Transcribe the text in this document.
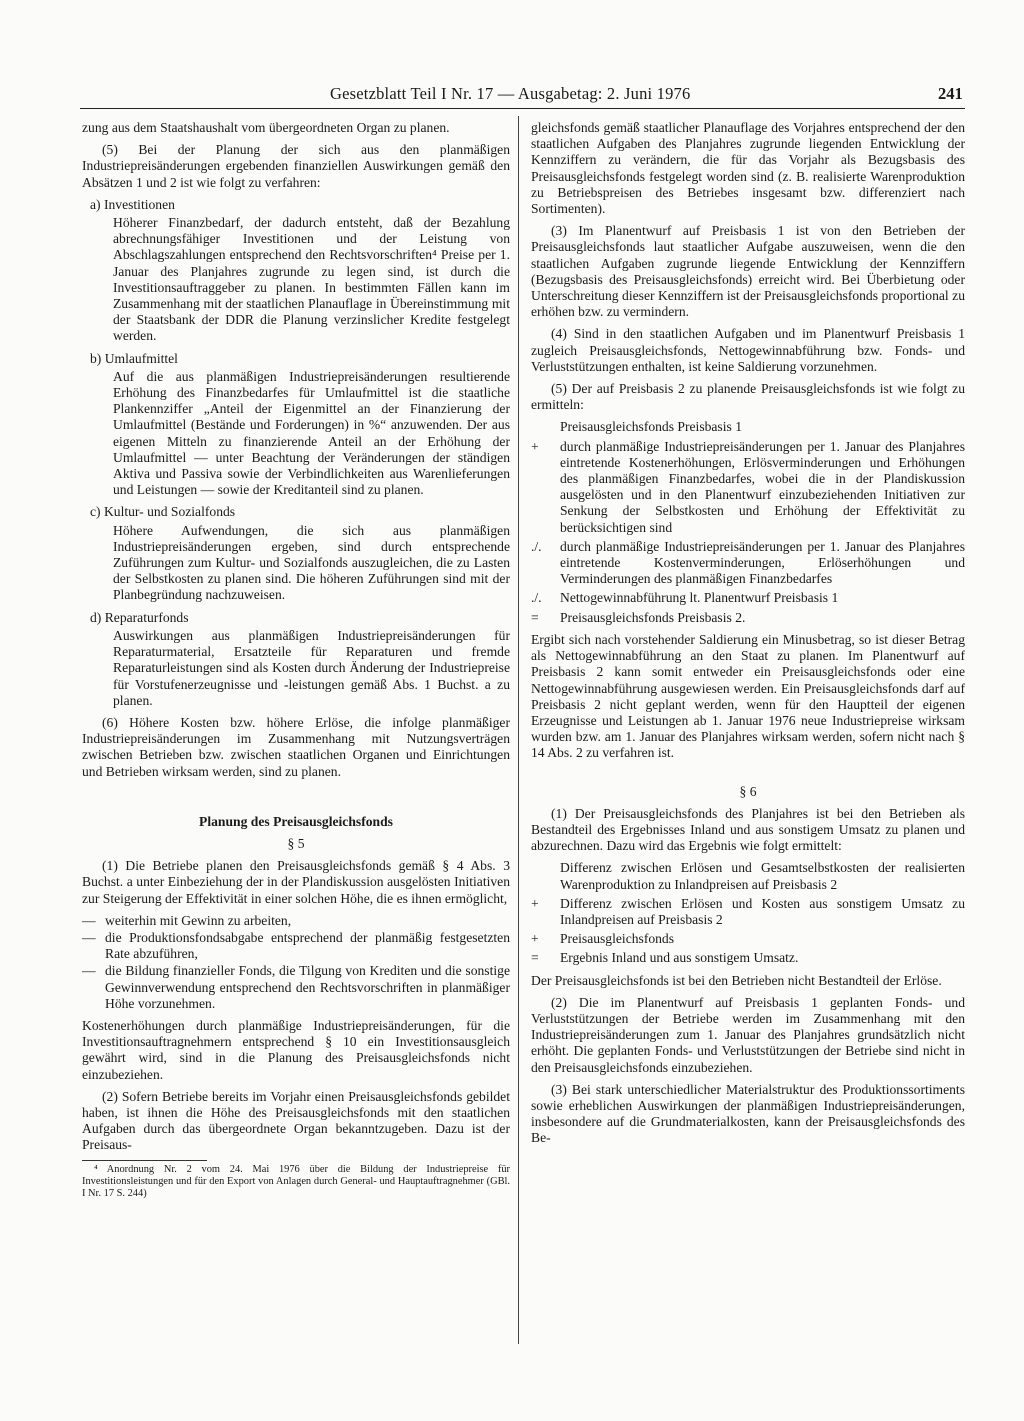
Gesetzblatt Teil I Nr. 17 — Ausgabetag: 2. Juni 1976	241

zung aus dem Staatshaushalt vom übergeordneten Organ zu planen.

(5) Bei der Planung der sich aus den planmäßigen Industriepreisänderungen ergebenden finanziellen Auswirkungen gemäß den Absätzen 1 und 2 ist wie folgt zu verfahren:

a) Investitionen

Höherer Finanzbedarf, der dadurch entsteht, daß der Bezahlung abrechnungsfähiger Investitionen und der Leistung von Abschlagszahlungen entsprechend den Rechtsvorschriften⁴ Preise per 1. Januar des Planjahres zugrunde zu legen sind, ist durch die Investitionsauftraggeber zu planen. In bestimmten Fällen kann im Zusammenhang mit der staatlichen Planauflage in Übereinstimmung mit der Staatsbank der DDR die Planung verzinslicher Kredite festgelegt werden.

b) Umlaufmittel

Auf die aus planmäßigen Industriepreisänderungen resultierende Erhöhung des Finanzbedarfes für Umlaufmittel ist die staatliche Plankennziffer „Anteil der Eigenmittel an der Finanzierung der Umlaufmittel (Bestände und Forderungen) in %“ anzuwenden. Der aus eigenen Mitteln zu finanzierende Anteil an der Erhöhung der Umlaufmittel — unter Beachtung der Veränderungen der ständigen Aktiva und Passiva sowie der Verbindlichkeiten aus Warenlieferungen und Leistungen — sowie der Kreditanteil sind zu planen.

c) Kultur- und Sozialfonds

Höhere Aufwendungen, die sich aus planmäßigen Industriepreisänderungen ergeben, sind durch entsprechende Zuführungen zum Kultur- und Sozialfonds auszugleichen, die zu Lasten der Selbstkosten zu planen sind. Die höheren Zuführungen sind mit der Planbegründung nachzuweisen.

d) Reparaturfonds

Auswirkungen aus planmäßigen Industriepreisänderungen für Reparaturmaterial, Ersatzteile für Reparaturen und fremde Reparaturleistungen sind als Kosten durch Änderung der Industriepreise für Vorstufenerzeugnisse und -leistungen gemäß Abs. 1 Buchst. a zu planen.

(6) Höhere Kosten bzw. höhere Erlöse, die infolge planmäßiger Industriepreisänderungen im Zusammenhang mit Nutzungsverträgen zwischen Betrieben bzw. zwischen staatlichen Organen und Einrichtungen und Betrieben wirksam werden, sind zu planen.

Planung des Preisausgleichsfonds
§ 5

(1) Die Betriebe planen den Preisausgleichsfonds gemäß § 4 Abs. 3 Buchst. a unter Einbeziehung der in der Plandiskussion ausgelösten Initiativen zur Steigerung der Effektivität in einer solchen Höhe, die es ihnen ermöglicht,

— weiterhin mit Gewinn zu arbeiten,
— die Produktionsfondsabgabe entsprechend der planmäßig festgesetzten Rate abzuführen,
— die Bildung finanzieller Fonds, die Tilgung von Krediten und die sonstige Gewinnverwendung entsprechend den Rechtsvorschriften in planmäßiger Höhe vorzunehmen.

Kostenerhöhungen durch planmäßige Industriepreisänderungen, für die Investitionsauftragnehmern entsprechend § 10 ein Investitionsausgleich gewährt wird, sind in die Planung des Preisausgleichsfonds nicht einzubeziehen.

(2) Sofern Betriebe bereits im Vorjahr einen Preisausgleichsfonds gebildet haben, ist ihnen die Höhe des Preisausgleichsfonds mit den staatlichen Aufgaben durch das übergeordnete Organ bekanntzugeben. Dazu ist der Preisaus-

⁴ Anordnung Nr. 2 vom 24. Mai 1976 über die Bildung der Industriepreise für Investitionsleistungen und für den Export von Anlagen durch General- und Hauptauftragnehmer (GBl. I Nr. 17 S. 244)

gleichsfonds gemäß staatlicher Planauflage des Vorjahres entsprechend der den staatlichen Aufgaben des Planjahres zugrunde liegenden Entwicklung der Kennziffern zu verändern, die für das Vorjahr als Bezugsbasis des Preisausgleichsfonds festgelegt worden sind (z. B. realisierte Warenproduktion zu Betriebspreisen des Betriebes insgesamt bzw. differenziert nach Sortimenten).

(3) Im Planentwurf auf Preisbasis 1 ist von den Betrieben der Preisausgleichsfonds laut staatlicher Aufgabe auszuweisen, wenn die den staatlichen Aufgaben zugrunde liegende Entwicklung der Kennziffern (Bezugsbasis des Preisausgleichsfonds) erreicht wird. Bei Überbietung oder Unterschreitung dieser Kennziffern ist der Preisausgleichsfonds proportional zu erhöhen bzw. zu vermindern.

(4) Sind in den staatlichen Aufgaben und im Planentwurf Preisbasis 1 zugleich Preisausgleichsfonds, Nettogewinnabführung bzw. Fonds- und Verluststützungen enthalten, ist keine Saldierung vorzunehmen.

(5) Der auf Preisbasis 2 zu planende Preisausgleichsfonds ist wie folgt zu ermitteln:

Preisausgleichsfonds Preisbasis 1
+ durch planmäßige Industriepreisänderungen per 1. Januar des Planjahres eintretende Kostenerhöhungen, Erlösverminderungen und Erhöhungen des planmäßigen Finanzbedarfes, wobei die in der Plandiskussion ausgelösten und in den Planentwurf einzubeziehenden Initiativen zur Senkung der Selbstkosten und Erhöhung der Effektivität zu berücksichtigen sind
./. durch planmäßige Industriepreisänderungen per 1. Januar des Planjahres eintretende Kostenverminderungen, Erlöserhöhungen und Verminderungen des planmäßigen Finanzbedarfes
./. Nettogewinnabführung lt. Planentwurf Preisbasis 1
= Preisausgleichsfonds Preisbasis 2.

Ergibt sich nach vorstehender Saldierung ein Minusbetrag, so ist dieser Betrag als Nettogewinnabführung an den Staat zu planen. Im Planentwurf auf Preisbasis 2 kann somit entweder ein Preisausgleichsfonds oder eine Nettogewinnabführung ausgewiesen werden. Ein Preisausgleichsfonds darf auf Preisbasis 2 nicht geplant werden, wenn für den Hauptteil der eigenen Erzeugnisse und Leistungen ab 1. Januar 1976 neue Industriepreise wirksam wurden bzw. am 1. Januar des Planjahres wirksam werden, sofern nicht nach § 14 Abs. 2 zu verfahren ist.

§ 6

(1) Der Preisausgleichsfonds des Planjahres ist bei den Betrieben als Bestandteil des Ergebnisses Inland und aus sonstigem Umsatz zu planen und abzurechnen. Dazu wird das Ergebnis wie folgt ermittelt:

Differenz zwischen Erlösen und Gesamtselbstkosten der realisierten Warenproduktion zu Inlandpreisen auf Preisbasis 2
+ Differenz zwischen Erlösen und Kosten aus sonstigem Umsatz zu Inlandpreisen auf Preisbasis 2
+ Preisausgleichsfonds
= Ergebnis Inland und aus sonstigem Umsatz.

Der Preisausgleichsfonds ist bei den Betrieben nicht Bestandteil der Erlöse.

(2) Die im Planentwurf auf Preisbasis 1 geplanten Fonds- und Verluststützungen der Betriebe werden im Zusammenhang mit den Industriepreisänderungen zum 1. Januar des Planjahres grundsätzlich nicht erhöht. Die geplanten Fonds- und Verluststützungen der Betriebe sind nicht in den Preisausgleichsfonds einzubeziehen.

(3) Bei stark unterschiedlicher Materialstruktur des Produktionssortiments sowie erheblichen Auswirkungen der planmäßigen Industriepreisänderungen, insbesondere auf die Grundmaterialkosten, kann der Preisausgleichsfonds des Be-
